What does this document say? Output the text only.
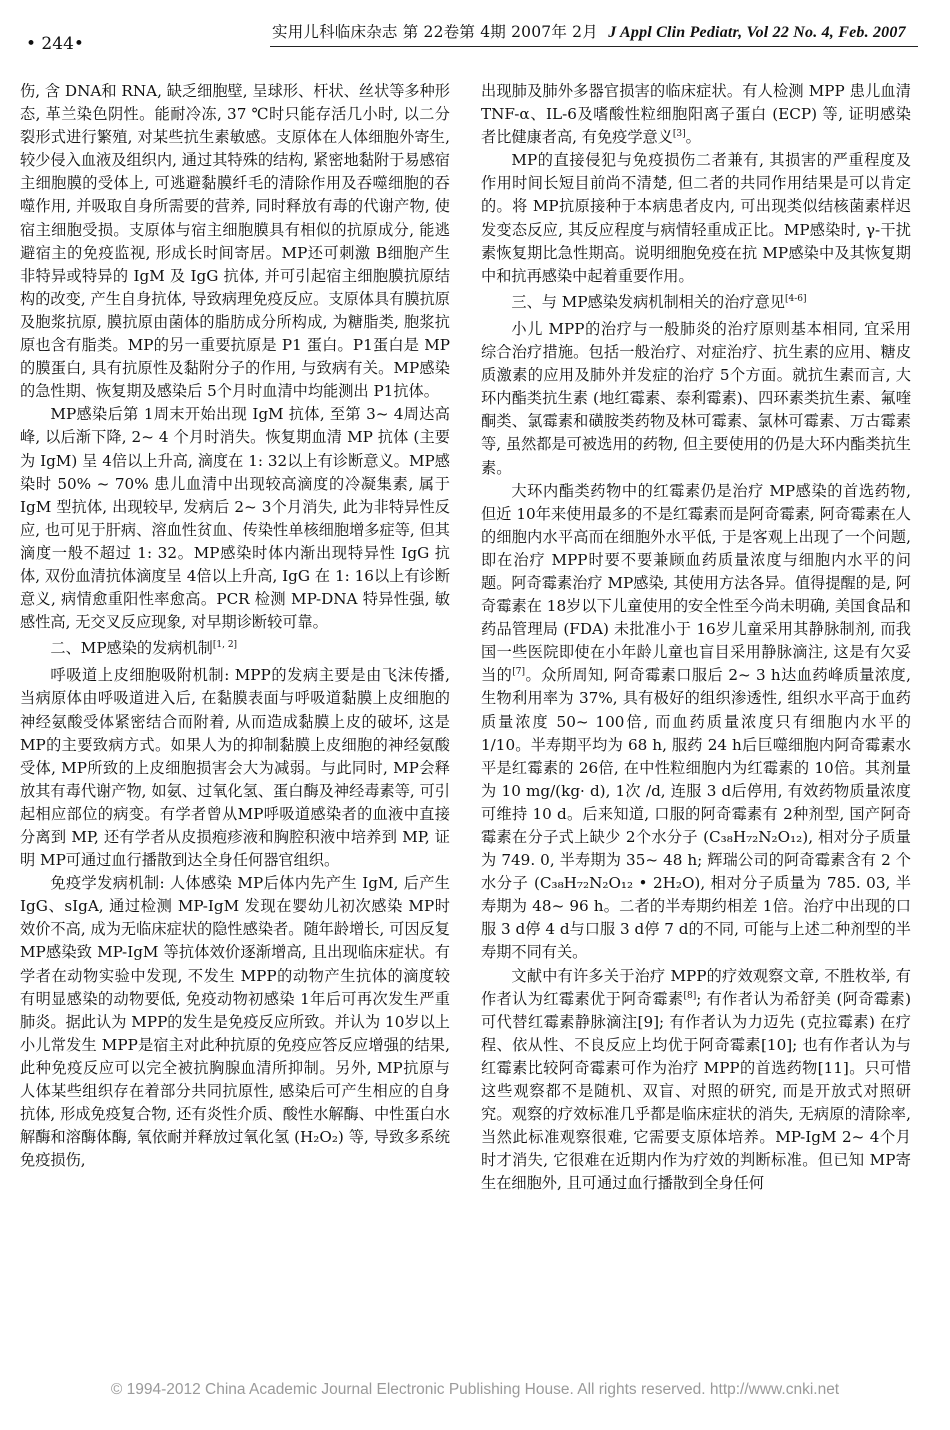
• 244•
实用儿科临床杂志 第 22卷第 4期 2007年 2月 J Appl Clin Pediatr, Vol 22 No. 4, Feb. 2007

伤, 含 DNA和 RNA, 缺乏细胞壁, 呈球形、杆状、丝状等多种形态, 革兰染色阴性。能耐冷冻, 37 ℃时只能存活几小时, 以二分裂形式进行繁殖, 对某些抗生素敏感。支原体在人体细胞外寄生, 较少侵入血液及组织内, 通过其特殊的结构, 紧密地黏附于易感宿主细胞膜的受体上, 可逃避黏膜纤毛的清除作用及吞噬细胞的吞噬作用, 并吸取自身所需要的营养, 同时释放有毒的代谢产物, 使宿主细胞受损。支原体与宿主细胞膜具有相似的抗原成分, 能逃避宿主的免疫监视, 形成长时间寄居。MP还可刺激 B细胞产生非特异或特异的 IgM 及 IgG 抗体, 并可引起宿主细胞膜抗原结构的改变, 产生自身抗体, 导致病理免疫反应。支原体具有膜抗原及胞浆抗原, 膜抗原由菌体的脂肪成分所构成, 为糖脂类, 胞浆抗原也含有脂类。MP的另一重要抗原是 P1 蛋白。P1蛋白是 MP的膜蛋白, 具有抗原性及黏附分子的作用, 与致病有关。MP感染的急性期、恢复期及感染后 5个月时血清中均能测出 P1抗体。

MP感染后第 1周末开始出现 IgM 抗体, 至第 3~ 4周达高峰, 以后渐下降, 2~ 4 个月时消失。恢复期血清 MP 抗体 (主要为 IgM) 呈 4倍以上升高, 滴度在 1: 32以上有诊断意义。MP感染时 50% ~ 70% 患儿血清中出现较高滴度的冷凝集素, 属于 IgM 型抗体, 出现较早, 发病后 2~ 3个月消失, 此为非特异性反应, 也可见于肝病、溶血性贫血、传染性单核细胞增多症等, 但其滴度一般不超过 1: 32。MP感染时体内渐出现特异性 IgG 抗体, 双份血清抗体滴度呈 4倍以上升高, IgG 在 1: 16以上有诊断意义, 病情愈重阳性率愈高。PCR 检测 MP-DNA 特异性强, 敏感性高, 无交叉反应现象, 对早期诊断较可靠。

二、MP感染的发病机制[1, 2]

呼吸道上皮细胞吸附机制: MPP的发病主要是由飞沫传播, 当病原体由呼吸道进入后, 在黏膜表面与呼吸道黏膜上皮细胞的神经氨酸受体紧密结合而附着, 从而造成黏膜上皮的破坏, 这是 MP的主要致病方式。如果人为的抑制黏膜上皮细胞的神经氨酸受体, MP所致的上皮细胞损害会大为减弱。与此同时, MP会释放其有毒代谢产物, 如氨、过氧化氢、蛋白酶及神经毒素等, 可引起相应部位的病变。有学者曾从MP呼吸道感染者的血液中直接分离到 MP, 还有学者从皮损疱疹液和胸腔积液中培养到 MP, 证明 MP可通过血行播散到达全身任何器官组织。

免疫学发病机制: 人体感染 MP后体内先产生 IgM, 后产生 IgG、sIgA, 通过检测 MP-IgM 发现在婴幼儿初次感染 MP时效价不高, 成为无临床症状的隐性感染者。随年龄增长, 可因反复 MP感染致 MP-IgM 等抗体效价逐渐增高, 且出现临床症状。有学者在动物实验中发现, 不发生 MPP的动物产生抗体的滴度较有明显感染的动物要低, 免疫动物初感染 1年后可再次发生严重肺炎。据此认为 MPP的发生是免疫反应所致。并认为 10岁以上小儿常发生 MPP是宿主对此种抗原的免疫应答反应增强的结果, 此种免疫反应可以完全被抗胸腺血清所抑制。另外, MP抗原与人体某些组织存在着部分共同抗原性, 感染后可产生相应的自身抗体, 形成免疫复合物, 还有炎性介质、酸性水解酶、中性蛋白水解酶和溶酶体酶, 氧依耐并释放过氧化氢 (H₂O₂) 等, 导致多系统免疫损伤,

出现肺及肺外多器官损害的临床症状。有人检测 MPP 患儿血清 TNF-α、IL-6及嗜酸性粒细胞阳离子蛋白 (ECP) 等, 证明感染者比健康者高, 有免疫学意义[3]。

MP的直接侵犯与免疫损伤二者兼有, 其损害的严重程度及作用时间长短目前尚不清楚, 但二者的共同作用结果是可以肯定的。将 MP抗原接种于本病患者皮内, 可出现类似结核菌素样迟发变态反应, 其反应程度与病情轻重成正比。MP感染时, γ-干扰素恢复期比急性期高。说明细胞免疫在抗 MP感染中及其恢复期中和抗再感染中起着重要作用。

三、与 MP感染发病机制相关的治疗意见[4-6]

小儿 MPP的治疗与一般肺炎的治疗原则基本相同, 宜采用综合治疗措施。包括一般治疗、对症治疗、抗生素的应用、糖皮质激素的应用及肺外并发症的治疗 5个方面。就抗生素而言, 大环内酯类抗生素 (地红霉素、泰利霉素)、四环素类抗生素、氟喹酮类、氯霉素和磺胺类药物及林可霉素、氯林可霉素、万古霉素等, 虽然都是可被选用的药物, 但主要使用的仍是大环内酯类抗生素。

大环内酯类药物中的红霉素仍是治疗 MP感染的首选药物, 但近 10年来使用最多的不是红霉素而是阿奇霉素, 阿奇霉素在人的细胞内水平高而在细胞外水平低, 于是客观上出现了一个问题, 即在治疗 MPP时要不要兼顾血药质量浓度与细胞内水平的问题。阿奇霉素治疗 MP感染, 其使用方法各异。值得提醒的是, 阿奇霉素在 18岁以下儿童使用的安全性至今尚未明确, 美国食品和药品管理局 (FDA) 未批准小于 16岁儿童采用其静脉制剂, 而我国一些医院即使在小年龄儿童也盲目采用静脉滴注, 这是有欠妥当的[7]。众所周知, 阿奇霉素口服后 2~ 3 h达血药峰质量浓度, 生物利用率为 37%, 具有极好的组织渗透性, 组织水平高于血药质量浓度 50~ 100倍, 而血药质量浓度只有细胞内水平的 1/10。半寿期平均为 68 h, 服药 24 h后巨噬细胞内阿奇霉素水平是红霉素的 26倍, 在中性粒细胞内为红霉素的 10倍。其剂量为 10 mg/(kg· d), 1次 /d, 连服 3 d后停用, 有效药物质量浓度可维持 10 d。后来知道, 口服的阿奇霉素有 2种剂型, 国产阿奇霉素在分子式上缺少 2个水分子 (C₃₈H₇₂N₂O₁₂), 相对分子质量为 749. 0, 半寿期为 35~ 48 h; 辉瑞公司的阿奇霉素含有 2 个水分子 (C₃₈H₇₂N₂O₁₂ • 2H₂O), 相对分子质量为 785. 03, 半寿期为 48~ 96 h。二者的半寿期约相差 1倍。治疗中出现的口服 3 d停 4 d与口服 3 d停 7 d的不同, 可能与上述二种剂型的半寿期不同有关。

文献中有许多关于治疗 MPP的疗效观察文章, 不胜枚举, 有作者认为红霉素优于阿奇霉素[8]; 有作者认为希舒美 (阿奇霉素) 可代替红霉素静脉滴注[9]; 有作者认为力迈先 (克拉霉素) 在疗程、依从性、不良反应上均优于阿奇霉素[10]; 也有作者认为与红霉素比较阿奇霉素可作为治疗 MPP的首选药物[11]。只可惜这些观察都不是随机、双盲、对照的研究, 而是开放式对照研究。观察的疗效标准几乎都是临床症状的消失, 无病原的清除率, 当然此标准观察很难, 它需要支原体培养。MP-IgM 2~ 4个月时才消失, 它很难在近期内作为疗效的判断标准。但已知 MP寄生在细胞外, 且可通过血行播散到全身任何

© 1994-2012 China Academic Journal Electronic Publishing House. All rights reserved. http://www.cnki.net
